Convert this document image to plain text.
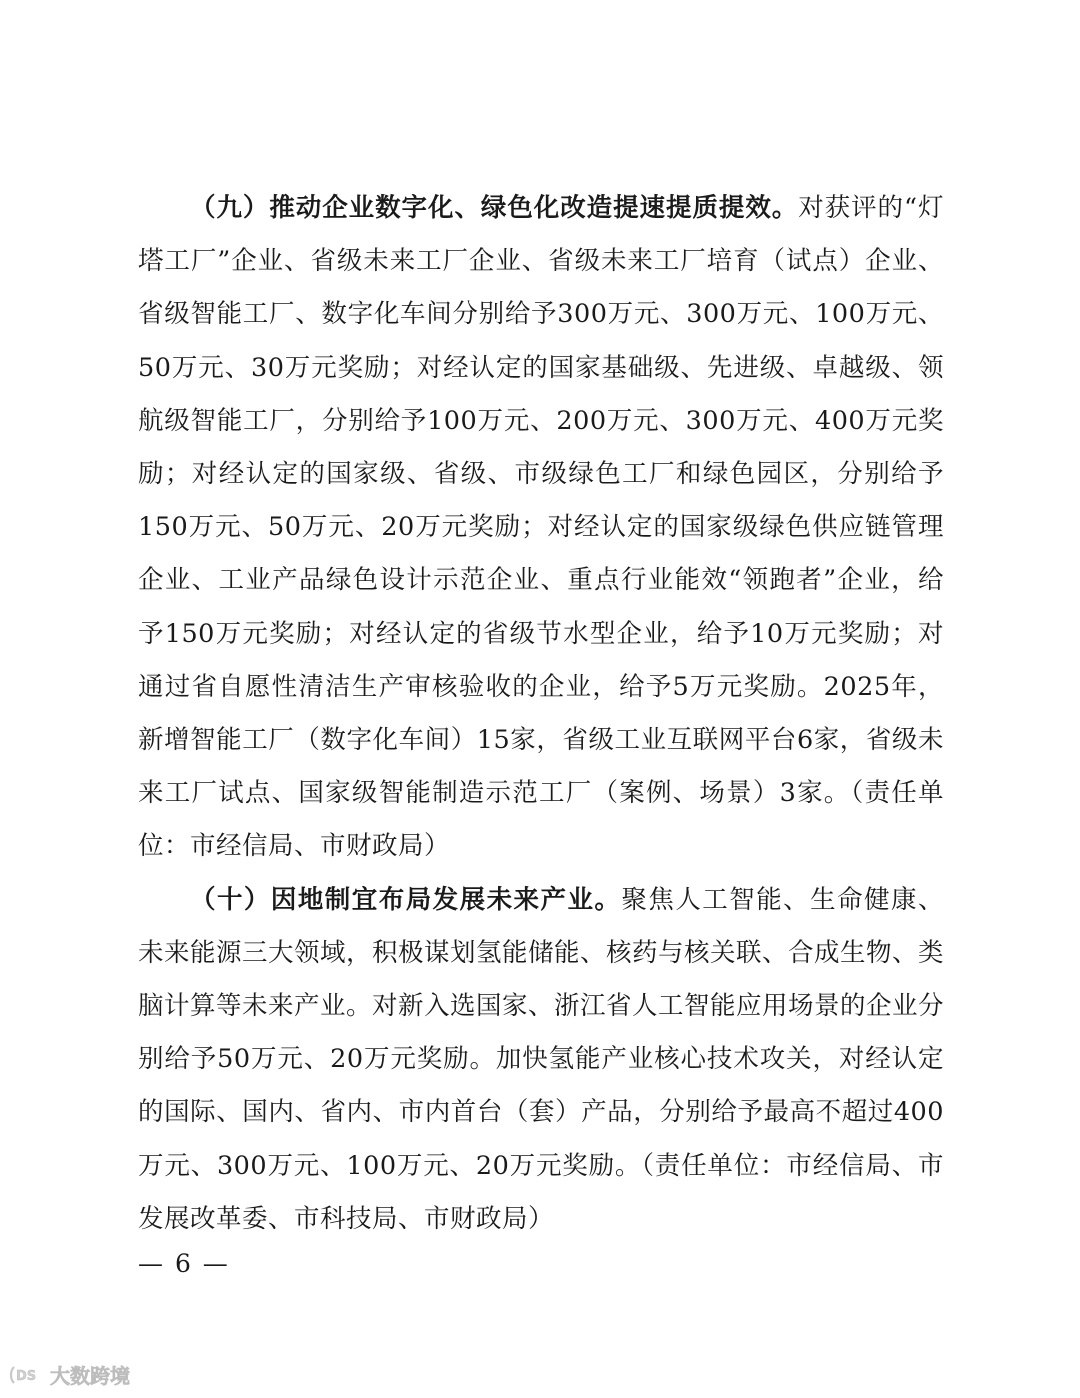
（九）推动企业数字化、绿色化改造提速提质提效。对获评的“灯塔工厂”企业、省级未来工厂企业、省级未来工厂培育（试点）企业、省级智能工厂、数字化车间分别给予300万元、300万元、100万元、50万元、30万元奖励；对经认定的国家基础级、先进级、卓越级、领航级智能工厂，分别给予100万元、200万元、300万元、400万元奖励；对经认定的国家级、省级、市级绿色工厂和绿色园区，分别给予150万元、50万元、20万元奖励；对经认定的国家级绿色供应链管理企业、工业产品绿色设计示范企业、重点行业能效“领跑者”企业，给予150万元奖励；对经认定的省级节水型企业，给予10万元奖励；对通过省自愿性清洁生产审核验收的企业，给予5万元奖励。2025年，新增智能工厂（数字化车间）15家，省级工业互联网平台6家，省级未来工厂试点、国家级智能制造示范工厂（案例、场景）3家。（责任单位：市经信局、市财政局）

（十）因地制宜布局发展未来产业。聚焦人工智能、生命健康、未来能源三大领域，积极谋划氢能储能、核药与核关联、合成生物、类脑计算等未来产业。对新入选国家、浙江省人工智能应用场景的企业分别给予50万元、20万元奖励。加快氢能产业核心技术攻关，对经认定的国际、国内、省内、市内首台（套）产品，分别给予最高不超过400万元、300万元、100万元、20万元奖励。（责任单位：市经信局、市发展改革委、市科技局、市财政局）

— 6 —
DS 大数跨境
